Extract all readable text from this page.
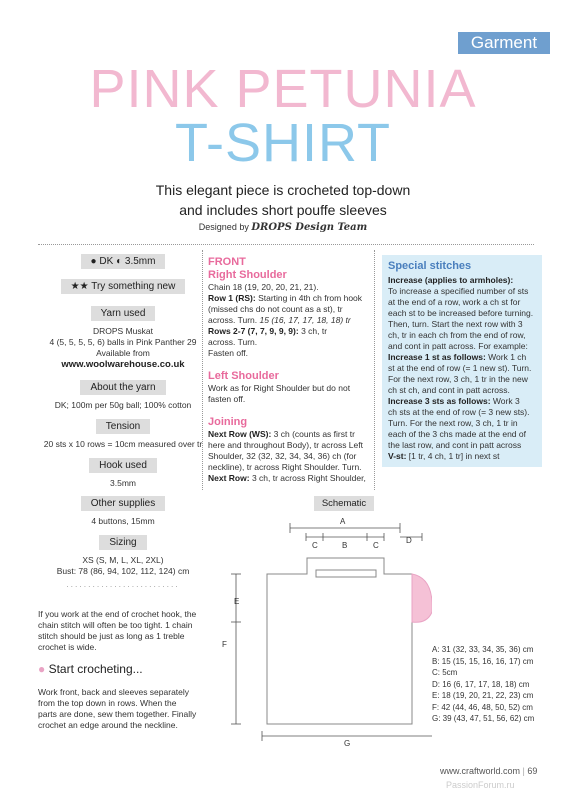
Garment
PINK PETUNIA
T-SHIRT
This elegant piece is crocheted top-down
and includes short pouffe sleeves
Designed by DROPS Design Team
● DK ◐ 3.5mm
★★ Try something new
Yarn used
DROPS Muskat
4 (5, 5, 5, 5, 6) balls in Pink Panther 29
Available from
www.woolwarehouse.co.uk
About the yarn
DK; 100m per 50g ball; 100% cotton
Tension
20 sts x 10 rows = 10cm measured over tr
Hook used
3.5mm
Other supplies
4 buttons, 15mm
Sizing
XS (S, M, L, XL, 2XL)
Bust: 78 (86, 94, 102, 112, 124) cm
..........................
FRONT
Right Shoulder
Chain 18 (19, 20, 20, 21, 21).
Row 1 (RS): Starting in 4th ch from hook
(missed chs do not count as a st), tr
across. Turn. 15 (16, 17, 17, 18, 18) tr
Rows 2-7 (7, 7, 9, 9, 9): 3 ch, tr
across. Turn.
Fasten off.
Left Shoulder
Work as for Right Shoulder but do not
fasten off.
Joining
Next Row (WS): 3 ch (counts as first tr
here and throughout Body), tr across Left
Shoulder, 32 (32, 32, 34, 34, 36) ch (for
neckline), tr across Right Shoulder. Turn.
Next Row: 3 ch, tr across Right Shoulder,
Special stitches
Increase (applies to armholes):
To increase a specified number of sts
at the end of a row, work a ch st for
each st to be increased before turning.
Then, turn. Start the next row with 3
ch, tr in each ch from the end of row,
and cont in patt across. For example:
Increase 1 st as follows: Work 1 ch
st at the end of row (= 1 new st). Turn.
For the next row, 3 ch, 1 tr in the new
ch st ch, and cont in patt across.
Increase 3 sts as follows: Work 3
ch sts at the end of row (= 3 new sts).
Turn. For the next row, 3 ch, 1 tr in
each of the 3 chs made at the end of
the last row, and cont in patt across
V-st: [1 tr, 4 ch, 1 tr] in next st
If you work at the end of crochet hook, the
chain stitch will often be too tight. 1 chain
stitch should be just as long as 1 treble
crochet is wide.
● Start crocheting...
Work front, back and sleeves separately
from the top down in rows. When the
parts are done, sew them together. Finally
crochet an edge around the neckline.
Schematic
A
C	B	C
D
E
F
G
A: 31 (32, 33, 34, 35, 36) cm
B: 15 (15, 15, 16, 16, 17) cm
C: 5cm
D: 16 (6, 17, 17, 18, 18) cm
E: 18 (19, 20, 21, 22, 23) cm
F: 42 (44, 46, 48, 50, 52) cm
G: 39 (43, 47, 51, 56, 62) cm
www.craftworld.com | 69
PassionForum.ru
